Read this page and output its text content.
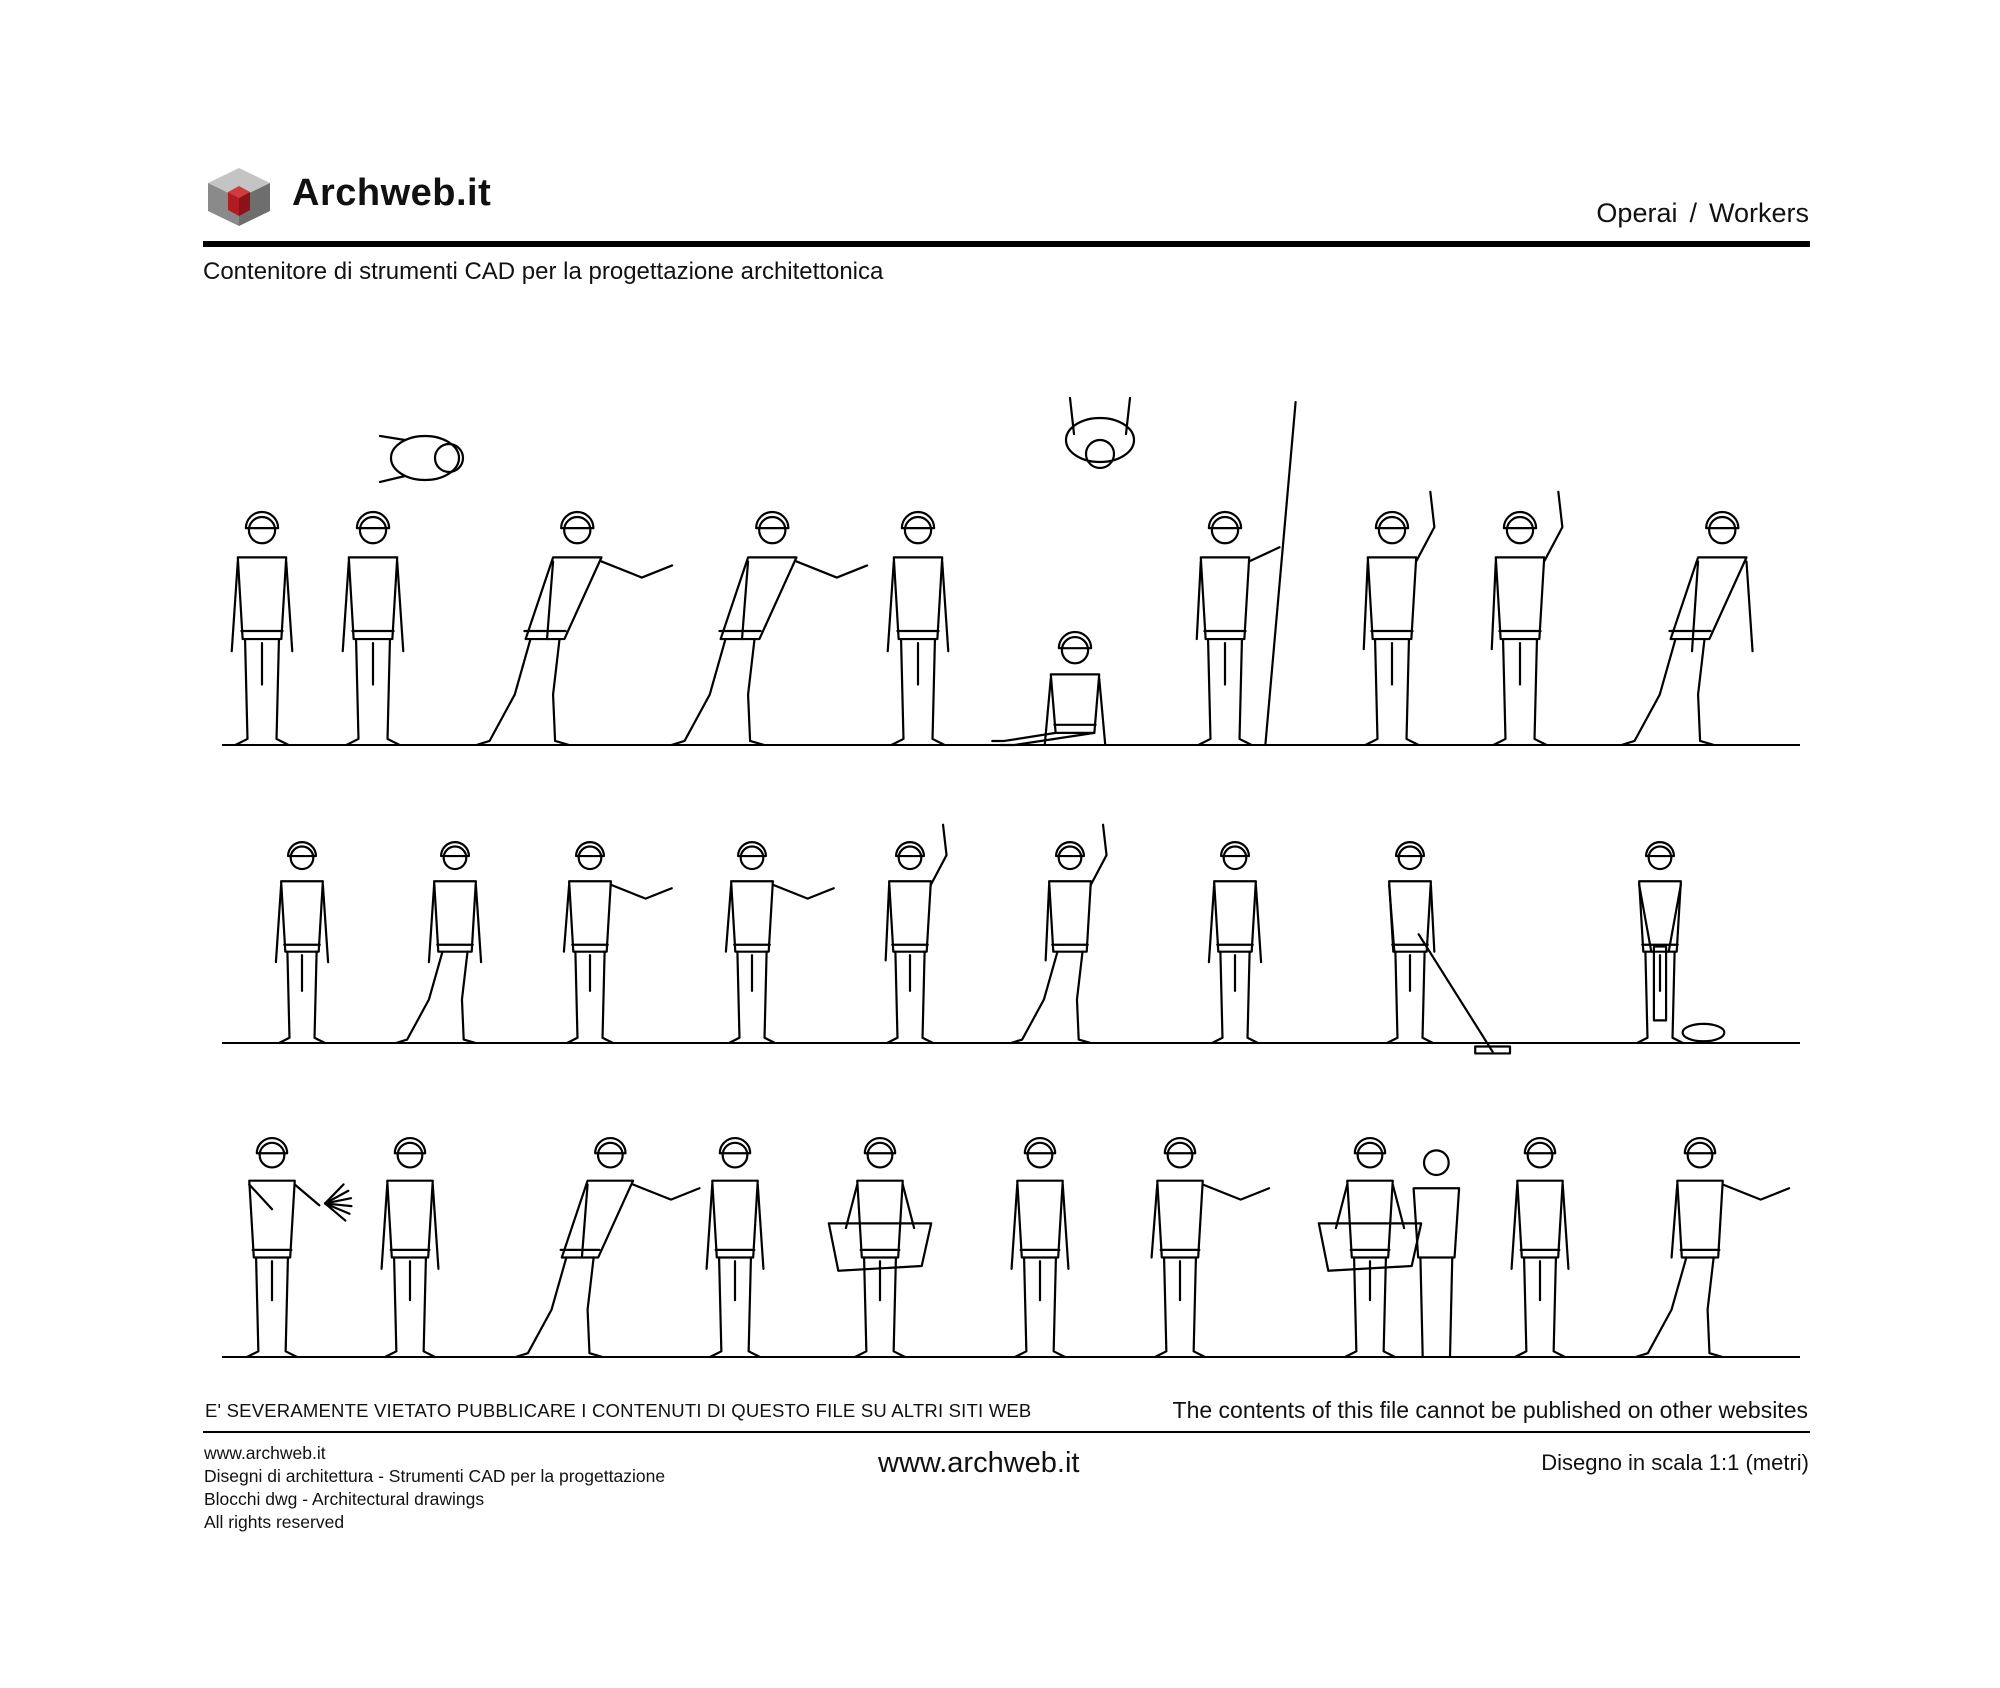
Archweb.it	Operai / Workers
Contenitore di strumenti CAD per la progettazione architettonica
E' SEVERAMENTE VIETATO PUBBLICARE I CONTENUTI DI QUESTO FILE SU ALTRI SITI WEB	The contents of this file cannot be published on other websites
www.archweb.it
Disegni di architettura - Strumenti CAD per la progettazione
Blocchi dwg - Architectural drawings
All rights reserved
www.archweb.it	Disegno in scala 1:1 (metri)
